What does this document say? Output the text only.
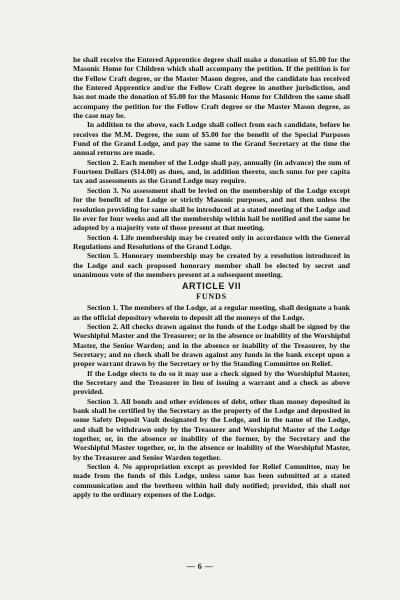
he shall receive the Entered Apprentice degree shall make a donation of $5.00 for the Masonic Home for Children which shall accompany the petition. If the petition is for the Fellow Craft degree, or the Master Mason degree, and the candidate has received the Entered Apprentice and/or the Fellow Craft degree in another jurisdiction, and has not made the donation of $5.00 for the Masonic Home for Children the same shall accompany the petition for the Fellow Craft degree or the Master Mason degree, as the case may be.

In addition to the above, each Lodge shall collect from each candidate, before he receives the M.M. Degree, the sum of $5.00 for the benefit of the Special Purposes Fund of the Grand Lodge, and pay the same to the Grand Secretary at the time the annual returns are made.

Section 2. Each member of the Lodge shall pay, annually (in advance) the sum of Fourteen Dollars ($14.00) as dues, and, in addition thereto, such sums for per capita tax and assessments as the Grand Lodge may require.

Section 3. No assessment shall be levied on the membership of the Lodge except for the benefit of the Lodge or strictly Masonic purposes, and not then unless the resolution providing for same shall be introduced at a stated meeting of the Lodge and lie over for four weeks and all the membership within hail be notified and the same be adopted by a majority vote of those present at that meeting.

Section 4. Life membership may be created only in accordance with the General Regulations and Resolutions of the Grand Lodge.

Section 5. Honorary membership may be created by a resolution introduced in the Lodge and each proposed honorary member shall be elected by secret and unanimous vote of the members present at a subsequent meeting.

ARTICLE VII
FUNDS

Section 1. The members of the Lodge, at a regular meeting, shall designate a bank as the official depository wherein to deposit all the moneys of the Lodge.

Section 2. All checks drawn against the funds of the Lodge shall be signed by the Worshipful Master and the Treasurer; or in the absence or inability of the Worshipful Master, the Senior Warden; and in the absence or inability of the Treasurer, by the Secretary; and no check shall be drawn against any funds in the bank except upon a proper warrant drawn by the Secretary or by the Standing Committee on Relief.

If the Lodge elects to do so it may use a check signed by the Worshipful Master, the Secretary and the Treasurer in lieu of issuing a warrant and a check as above provided.

Section 3. All bonds and other evidences of debt, other than money deposited in bank shall be certified by the Secretary as the property of the Lodge and deposited in some Safety Deposit Vault designated by the Lodge, and in the name of the Lodge, and shall be withdrawn only by the Treasurer and Worshipful Master of the Lodge together, or, in the absence or inability of the former, by the Secretary and the Worshipful Master together, or, in the absence or inability of the Worshipful Master, by the Treasurer and Senior Warden together.

Section 4. No appropriation except as provided for Relief Committee, may be made from the funds of this Lodge, unless same has been submitted at a stated communication and the brethren within hail duly notified; provided, this shall not apply to the ordinary expenses of the Lodge.

— 6 —
